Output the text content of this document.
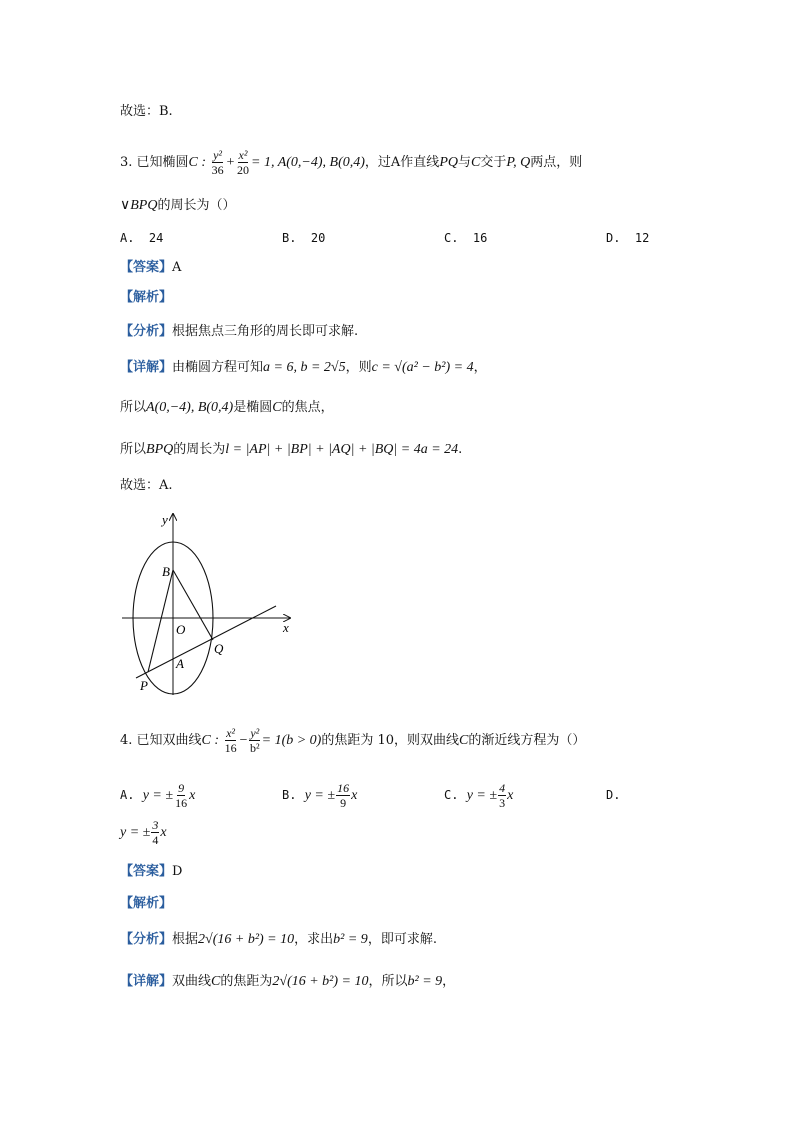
故选：B.
3. 已知椭圆C : $\frac{\text{y²}}{36} + \frac{\text{x²}}{20} = 1$, A(0,−4), B(0,4)，过A作直线PQ与C交于P, Q两点，则
∨BPQ的周长为（）
A. 24	B. 20	C. 16	D. 12
【答案】A
【解析】
【分析】根据焦点三角形的周长即可求解.
【详解】由椭圆方程可知a = 6, b = 2√5，则c = √(a² − b²) = 4，
所以A(0,−4), B(0,4)是椭圆C的焦点，
所以BPQ的周长为l = |AP| + |BP| + |AQ| + |BQ| = 4a = 24.
故选：A.
y
x
B
O
A
Q
P
4. 已知双曲线C : $\frac{\text{x²}}{16} - \frac{\text{y²}}{\text{b²}} = 1(b > 0)$的焦距为 10，则双曲线C的渐近线方程为（）
A. y = ± $\frac{9}{16}$ x	B. y = ± $\frac{16}{9}$ x	C. y = ± $\frac{4}{3}$ x	D.
y = ± $\frac{3}{4}$ x
【答案】D
【解析】
【分析】根据2√(16 + b²) = 10，求出b² = 9，即可求解.
【详解】双曲线C的焦距为2√(16 + b²) = 10，所以b² = 9，
